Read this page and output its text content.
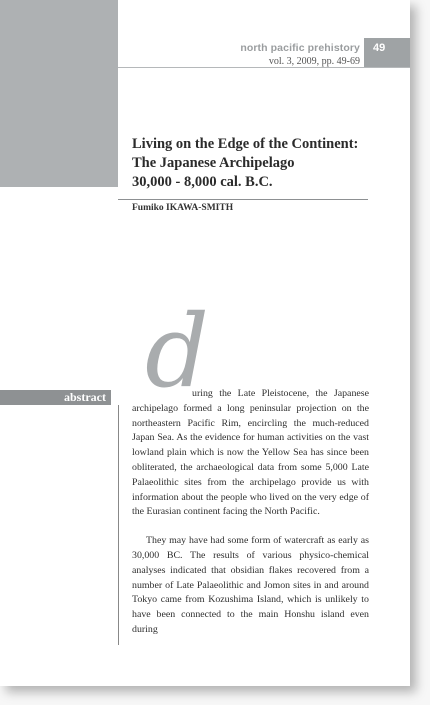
north pacific prehistory
vol. 3, 2009, pp. 49-69
49
Living on the Edge of the Continent:
The Japanese Archipelago
30,000 - 8,000 cal. B.C.
Fumiko IKAWA-SMITH
abstract d

uring the Late Pleistocene, the Japanese archipelago formed a long peninsular projection on the northeastern Pacific Rim, encircling the much-reduced Japan Sea. As the evidence for human activities on the vast lowland plain which is now the Yellow Sea has since been obliterated, the archaeological data from some 5,000 Late Palaeolithic sites from the archipelago provide us with information about the people who lived on the very edge of the Eurasian continent facing the North Pacific.

They may have had some form of watercraft as early as 30,000 BC. The results of various physico-chemical analyses indicated that obsidian flakes recovered from a number of Late Palaeolithic and Jomon sites in and around Tokyo came from Kozushima Island, which is unlikely to have been connected to the main Honshu island even during
